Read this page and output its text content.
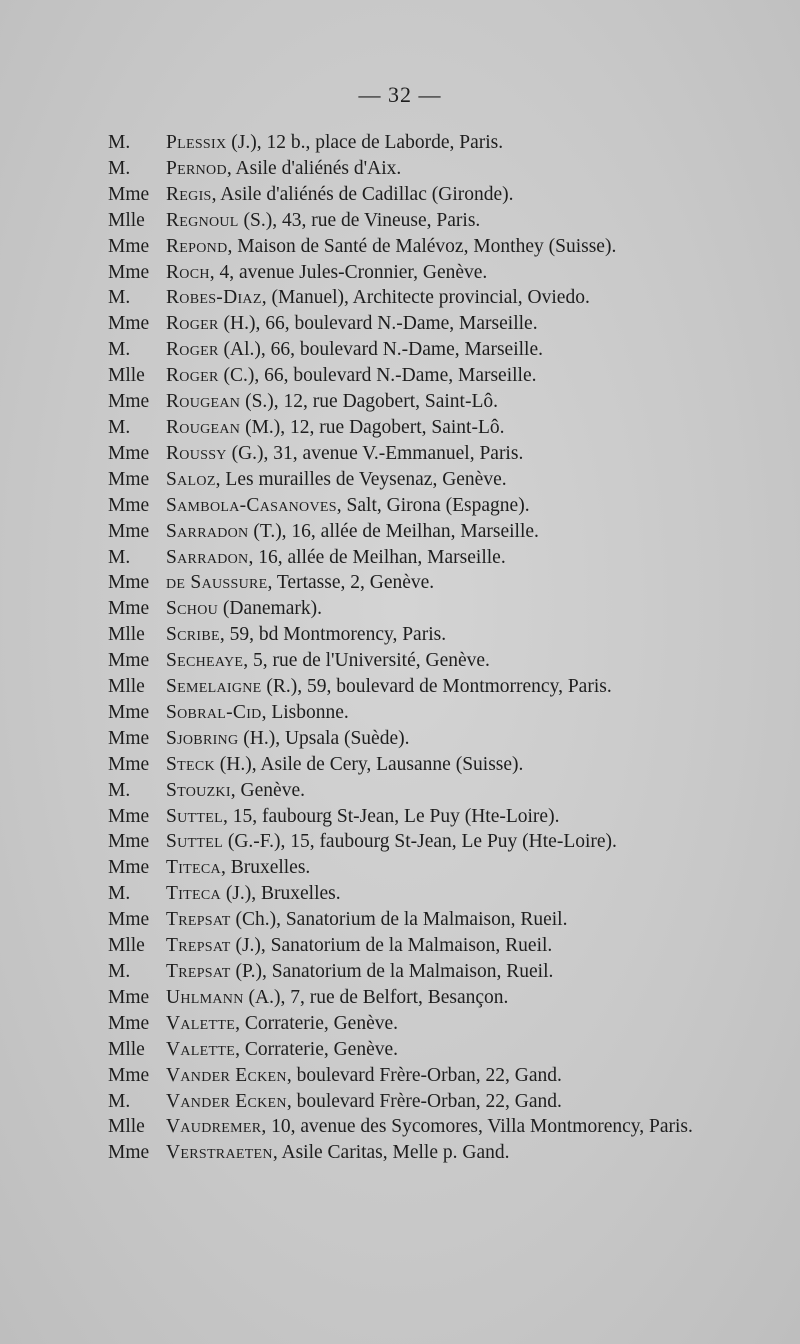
— 32 —
M.	Plessix (J.), 12 b., place de Laborde, Paris.
M.	Pernod, Asile d'aliénés d'Aix.
Mme Regis, Asile d'aliénés de Cadillac (Gironde).
Mlle	Regnoul (S.), 43, rue de Vineuse, Paris.
Mme Repond, Maison de Santé de Malévoz, Monthey (Suisse).
Mme Roch, 4, avenue Jules-Cronnier, Genève.
M.	Robes-Diaz, (Manuel), Architecte provincial, Oviedo.
Mme Roger (H.), 66, boulevard N.-Dame, Marseille.
M.	Roger (Al.), 66, boulevard N.-Dame, Marseille.
Mlle	Roger (C.), 66, boulevard N.-Dame, Marseille.
Mme Rougean (S.), 12, rue Dagobert, Saint-Lô.
M.	Rougean (M.), 12, rue Dagobert, Saint-Lô.
Mme Roussy (G.), 31, avenue V.-Emmanuel, Paris.
Mme Saloz, Les murailles de Veysenaz, Genève.
Mme Sambola-Casanoves, Salt, Girona (Espagne).
Mme Sarradon (T.), 16, allée de Meilhan, Marseille.
M.	Sarradon, 16, allée de Meilhan, Marseille.
Mme de Saussure, Tertasse, 2, Genève.
Mme Schou (Danemark).
Mlle	Scribe, 59, bd Montmorency, Paris.
Mme Secheaye, 5, rue de l'Université, Genève.
Mlle	Semelaigne (R.), 59, boulevard de Montmorrency, Paris.
Mme Sobral-Cid, Lisbonne.
Mme Sjobring (H.), Upsala (Suède).
Mme Steck (H.), Asile de Cery, Lausanne (Suisse).
M.	Stouzki, Genève.
Mme Suttel, 15, faubourg St-Jean, Le Puy (Hte-Loire).
Mme Suttel (G.-F.), 15, faubourg St-Jean, Le Puy (Hte-Loire).
Mme Titeca, Bruxelles.
M.	Titeca (J.), Bruxelles.
Mme Trepsat (Ch.), Sanatorium de la Malmaison, Rueil.
Mlle	Trepsat (J.), Sanatorium de la Malmaison, Rueil.
M.	Trepsat (P.), Sanatorium de la Malmaison, Rueil.
Mme Uhlmann (A.), 7, rue de Belfort, Besançon.
Mme Valette, Corraterie, Genève.
Mlle	Valette, Corraterie, Genève.
Mme Vander Ecken, boulevard Frère-Orban, 22, Gand.
M.	Vander Ecken, boulevard Frère-Orban, 22, Gand.
Mlle	Vaudremer, 10, avenue des Sycomores, Villa Montmorency, Paris.
Mme Verstraeten, Asile Caritas, Melle p. Gand.
